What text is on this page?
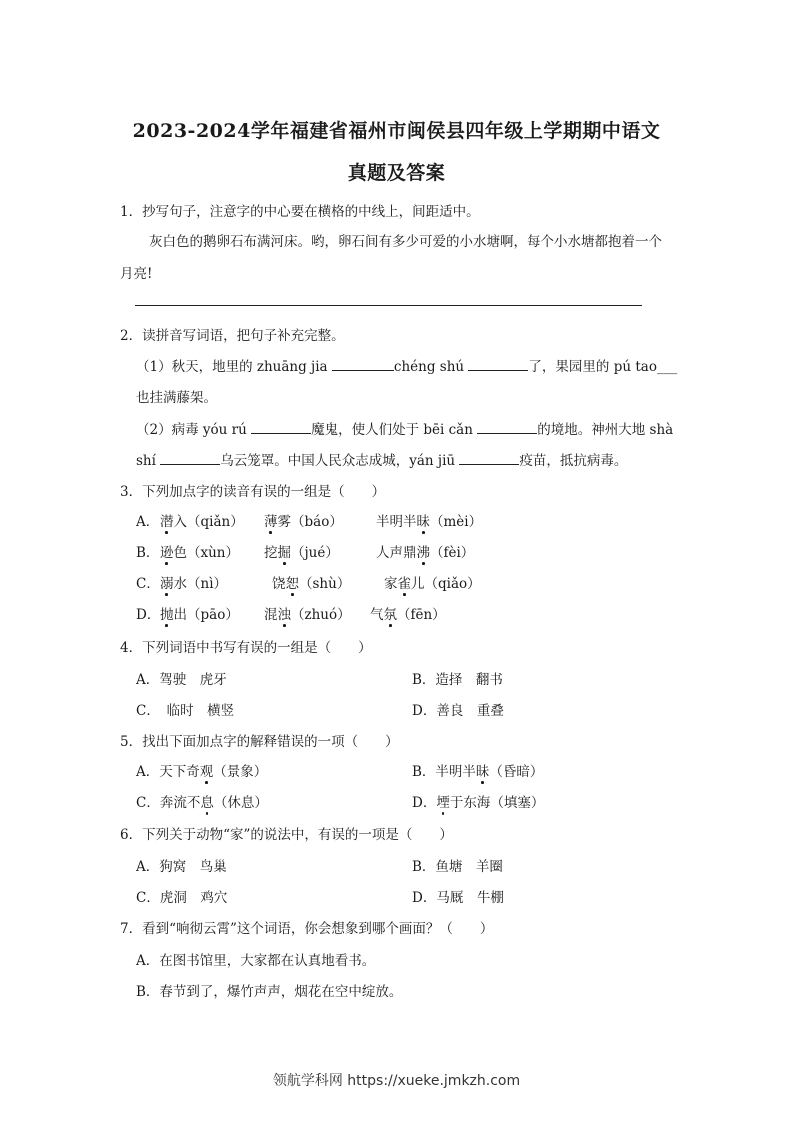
2023-2024学年福建省福州市闽侯县四年级上学期期中语文
真题及答案
1．抄写句子，注意字的中心要在横格的中线上，间距适中。
灰白色的鹅卵石布满河床。哟，卵石间有多少可爱的小水塘啊，每个小水塘都抱着一个
月亮!
2．读拼音写词语，把句子补充完整。
（1）秋天，地里的 zhuāng jia	chéng shú	了，果园里的 pú tao___
也挂满藤架。
（2）病毒 yóu rú	魔鬼，使人们处于 bēi cǎn	的境地。神州大地 shà
shí	乌云笼罩。中国人民众志成城，yán jiū	疫苗，抵抗病毒。
3．下列加点字的读音有误的一组是（　　）
A． 潜入（qiǎn） 薄雾（báo） 半明半昧（mèi）
B． 逊色（xùn） 挖掘（jué）	人声鼎沸（fèi）
C． 溺水（nì）	饶恕（shù） 家雀儿（qiǎo）
D． 抛出（pāo） 混浊（zhuó） 气氛（fēn）
4．下列词语中书写有误的一组是（　　）
A．驾驶　虎牙	B．造择　翻书
C．　临时　横竖	D．善良　重叠
5．找出下面加点字的解释错误的一项（　　）
A．天下奇观（景象）	B．半明半昧（昏暗）
C．奔流不息（休息）	D．堙于东海（填塞）
6．下列关于动物“家”的说法中，有误的一项是（　　）
A．狗窝　鸟巢	B．鱼塘　羊圈
C．虎洞　鸡穴	D．马厩　牛棚
7．看到“响彻云霄”这个词语，你会想象到哪个画面？（　　）
A．在图书馆里，大家都在认真地看书。
B．春节到了，爆竹声声，烟花在空中绽放。
领航学科网 https://xueke.jmkzh.com
